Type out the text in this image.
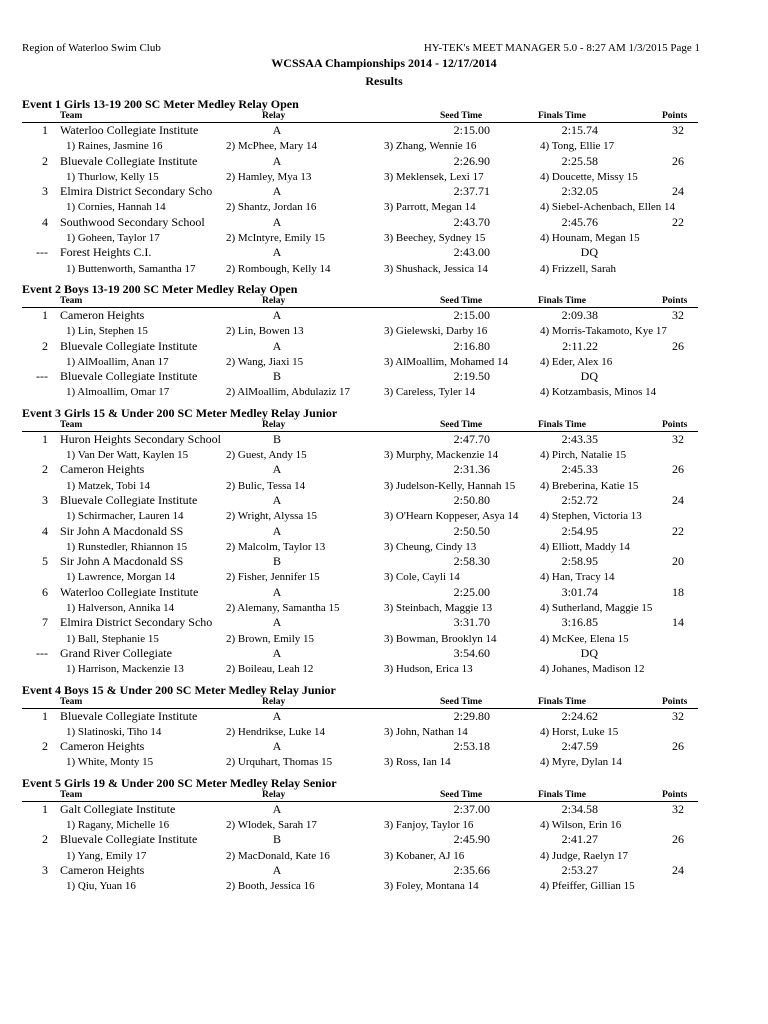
Region of Waterloo Swim Club	HY-TEK's MEET MANAGER 5.0 - 8:27 AM 1/3/2015 Page 1
WCSSAA Championships 2014 - 12/17/2014
Results
Event 1 Girls 13-19 200 SC Meter Medley Relay Open
Team	Relay	Seed Time	Finals Time	Points
1 Waterloo Collegiate Institute	A	2:15.00	2:15.74	32
1) Raines, Jasmine 16	2) McPhee, Mary 14	3) Zhang, Wennie 16	4) Tong, Ellie 17
2 Bluevale Collegiate Institute	A	2:26.90	2:25.58	26
1) Thurlow, Kelly 15	2) Hamley, Mya 13	3) Meklensek, Lexi 17	4) Doucette, Missy 15
3 Elmira District Secondary Scho	A	2:37.71	2:32.05	24
1) Cornies, Hannah 14	2) Shantz, Jordan 16	3) Parrott, Megan 14	4) Siebel-Achenbach, Ellen 14
4 Southwood Secondary School	A	2:43.70	2:45.76	22
1) Goheen, Taylor 17	2) McIntyre, Emily 15	3) Beechey, Sydney 15	4) Hounam, Megan 15
--- Forest Heights C.I.	A	2:43.00	DQ
1) Buttenworth, Samantha 17	2) Rombough, Kelly 14	3) Shushack, Jessica 14	4) Frizzell, Sarah
Event 2 Boys 13-19 200 SC Meter Medley Relay Open
Team	Relay	Seed Time	Finals Time	Points
1 Cameron Heights	A	2:15.00	2:09.38	32
1) Lin, Stephen 15	2) Lin, Bowen 13	3) Gielewski, Darby 16	4) Morris-Takamoto, Kye 17
2 Bluevale Collegiate Institute	A	2:16.80	2:11.22	26
1) AlMoallim, Anan 17	2) Wang, Jiaxi 15	3) AlMoallim, Mohamed 14	4) Eder, Alex 16
--- Bluevale Collegiate Institute	B	2:19.50	DQ
1) Almoallim, Omar 17	2) AlMoallim, Abdulaziz 17	3) Careless, Tyler 14	4) Kotzambasis, Minos 14
Event 3 Girls 15 & Under 200 SC Meter Medley Relay Junior
Team	Relay	Seed Time	Finals Time	Points
1 Huron Heights Secondary School	B	2:47.70	2:43.35	32
1) Van Der Watt, Kaylen 15	2) Guest, Andy 15	3) Murphy, Mackenzie 14	4) Pirch, Natalie 15
2 Cameron Heights	A	2:31.36	2:45.33	26
1) Matzek, Tobi 14	2) Bulic, Tessa 14	3) Judelson-Kelly, Hannah 15 4) Breberina, Katie 15
3 Bluevale Collegiate Institute	A	2:50.80	2:52.72	24
1) Schirmacher, Lauren 14	2) Wright, Alyssa 15	3) O'Hearn Koppeser, Asya 14 4) Stephen, Victoria 13
4 Sir John A Macdonald SS	A	2:50.50	2:54.95	22
1) Runstedler, Rhiannon 15	2) Malcolm, Taylor 13	3) Cheung, Cindy 13	4) Elliott, Maddy 14
5 Sir John A Macdonald SS	B	2:58.30	2:58.95	20
1) Lawrence, Morgan 14	2) Fisher, Jennifer 15	3) Cole, Cayli 14	4) Han, Tracy 14
6 Waterloo Collegiate Institute	A	2:25.00	3:01.74	18
1) Halverson, Annika 14	2) Alemany, Samantha 15	3) Steinbach, Maggie 13	4) Sutherland, Maggie 15
7 Elmira District Secondary Scho	A	3:31.70	3:16.85	14
1) Ball, Stephanie 15	2) Brown, Emily 15	3) Bowman, Brooklyn 14	4) McKee, Elena 15
--- Grand River Collegiate	A	3:54.60	DQ
1) Harrison, Mackenzie 13	2) Boileau, Leah 12	3) Hudson, Erica 13	4) Johanes, Madison 12
Event 4 Boys 15 & Under 200 SC Meter Medley Relay Junior
Team	Relay	Seed Time	Finals Time	Points
1 Bluevale Collegiate Institute	A	2:29.80	2:24.62	32
1) Slatinoski, Tiho 14	2) Hendrikse, Luke 14	3) John, Nathan 14	4) Horst, Luke 15
2 Cameron Heights	A	2:53.18	2:47.59	26
1) White, Monty 15	2) Urquhart, Thomas 15	3) Ross, Ian 14	4) Myre, Dylan 14
Event 5 Girls 19 & Under 200 SC Meter Medley Relay Senior
Team	Relay	Seed Time	Finals Time	Points
1 Galt Collegiate Institute	A	2:37.00	2:34.58	32
1) Ragany, Michelle 16	2) Wlodek, Sarah 17	3) Fanjoy, Taylor 16	4) Wilson, Erin 16
2 Bluevale Collegiate Institute	B	2:45.90	2:41.27	26
1) Yang, Emily 17	2) MacDonald, Kate 16	3) Kobaner, AJ 16	4) Judge, Raelyn 17
3 Cameron Heights	A	2:35.66	2:53.27	24
1) Qiu, Yuan 16	2) Booth, Jessica 16	3) Foley, Montana 14	4) Pfeiffer, Gillian 15
